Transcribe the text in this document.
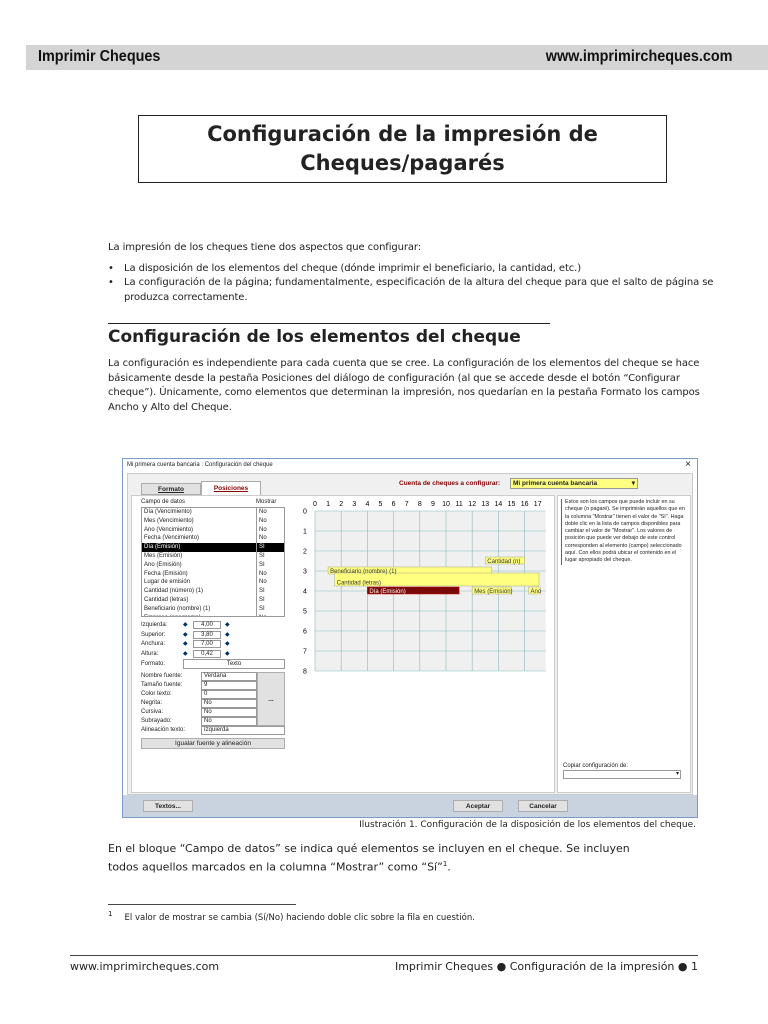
Imprimir Cheques	www.imprimircheques.com
Configuración de la impresión de
Cheques/pagarés
La impresión de los cheques tiene dos aspectos que configurar:
• La disposición de los elementos del cheque (dónde imprimir el beneficiario, la cantidad, etc.)
• La configuración de la página; fundamentalmente, especificación de la altura del cheque para que el salto de página se produzca correctamente.
Configuración de los elementos del cheque
La configuración es independiente para cada cuenta que se cree. La configuración de los elementos del cheque se hace básicamente desde la pestaña Posiciones del diálogo de configuración (al que se accede desde el botón “Configurar cheque”). Únicamente, como elementos que determinan la impresión, nos quedarían en la pestaña Formato los campos Ancho y Alto del Cheque.
Mi primera cuenta bancaria : Configuración del cheque	×
Formato	Posiciones
Campo de datos	Mostrar
Día (Vencimiento)	No
Mes (Vencimiento)	No
Ano (Vencimiento)	No
Fecha (Vencimiento)	No
Día (Emisión)	SI
Mes (Emisión)	SI
Ano (Emisión)	SI
Fecha (Emisión)	No
Lugar de emisión	No
Cantidad (número) (1)	SI
Cantidad (letras)	SI
Beneficiario (nombre) (1)	SI
Izquierda:	◆	4,00	◆
Superior:	◆	3,80	◆
Anchura:	◆	7,00	◆
Altura:	◆	0,42	◆
Formato:	Texto
Nombre fuente:	Verdana
Tamaño fuente:	9
Color texto:	0
Negrita:	No
Cursiva:	No
Subrayado:	No
Alineación texto:	Izquierda
...
Igualar fuente y alineación
Cuenta de cheques a configurar:	Mi primera cuenta bancaria	▾
0 1 2 3 4 5 6 7 8 9 10 11 12 13 14 15 16 17
0
1
2
3
4
5
6
7
8
Cantidad (n)
Beneficiario (nombre) (1)
Cantidad (letras)
Día (Emisión)	Mes (Emisión)	Ano
Estos son los campos que puede incluir en su cheque (o pagaré). Se imprimirán aquellos que en la columna "Mostrar" tienen el valor de "SI". Haga doble clic en la lista de campos disponibles para cambiar el valor de "Mostrar". Los valores de posición que puede ver debajo de este control corresponden al elemento (campo) seleccionado aquí. Con ellos podrá ubicar el contenido en el lugar apropiado del cheque.
Copiar configuración de:
▾
Textos...	Aceptar	Cancelar
Ilustración 1. Configuración de la disposición de los elementos del cheque.
En el bloque “Campo de datos” se indica qué elementos se incluyen en el cheque. Se incluyen todos aquellos marcados en la columna “Mostrar” como “Sí”$^1$.
$^1$ El valor de mostrar se cambia (Sí/No) haciendo doble clic sobre la fila en cuestión.
www.imprimircheques.com	Imprimir Cheques ● Configuración de la impresión ● 1
